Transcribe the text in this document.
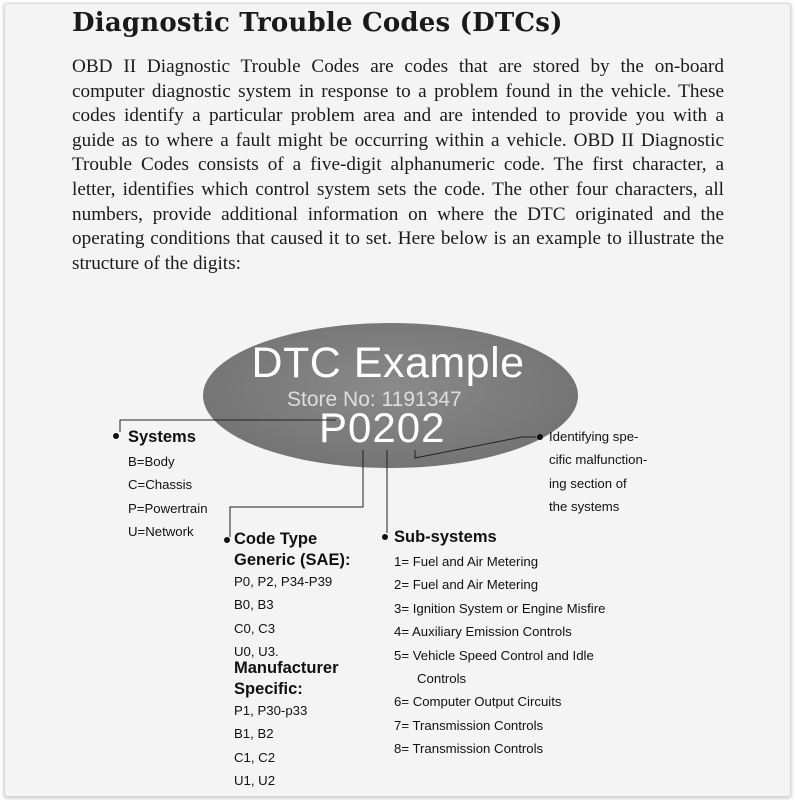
Diagnostic Trouble Codes (DTCs)

OBD II Diagnostic Trouble Codes are codes that are stored by the on-board computer diagnostic system in response to a problem found in the vehicle. These codes identify a particular problem area and are intended to provide you with a guide as to where a fault might be occurring within a vehicle. OBD II Diagnostic Trouble Codes consists of a five-digit alphanumeric code. The first character, a letter, identifies which control system sets the code. The other four characters, all numbers, provide additional information on where the DTC originated and the operating conditions that caused it to set. Here below is an example to illustrate the structure of the digits:

DTC Example
Store No: 1191347
P0202
Systems
B=Body
C=Chassis
P=Powertrain
U=Network	Code Type
Generic (SAE):
P0, P2, P34-P39
B0, B3
C0, C3
U0, U3.
Manufacturer
Specific:
P1, P30-p33
B1, B2
C1, C2
U1, U2
Sub-systems
1= Fuel and Air Metering
2= Fuel and Air Metering
3= Ignition System or Engine Misfire
4= Auxiliary Emission Controls
5= Vehicle Speed Control and Idle
Controls
6= Computer Output Circuits
7= Transmission Controls
8= Transmission Controls
Identifying spe-
cific malfunction-
ing section of
the systems
